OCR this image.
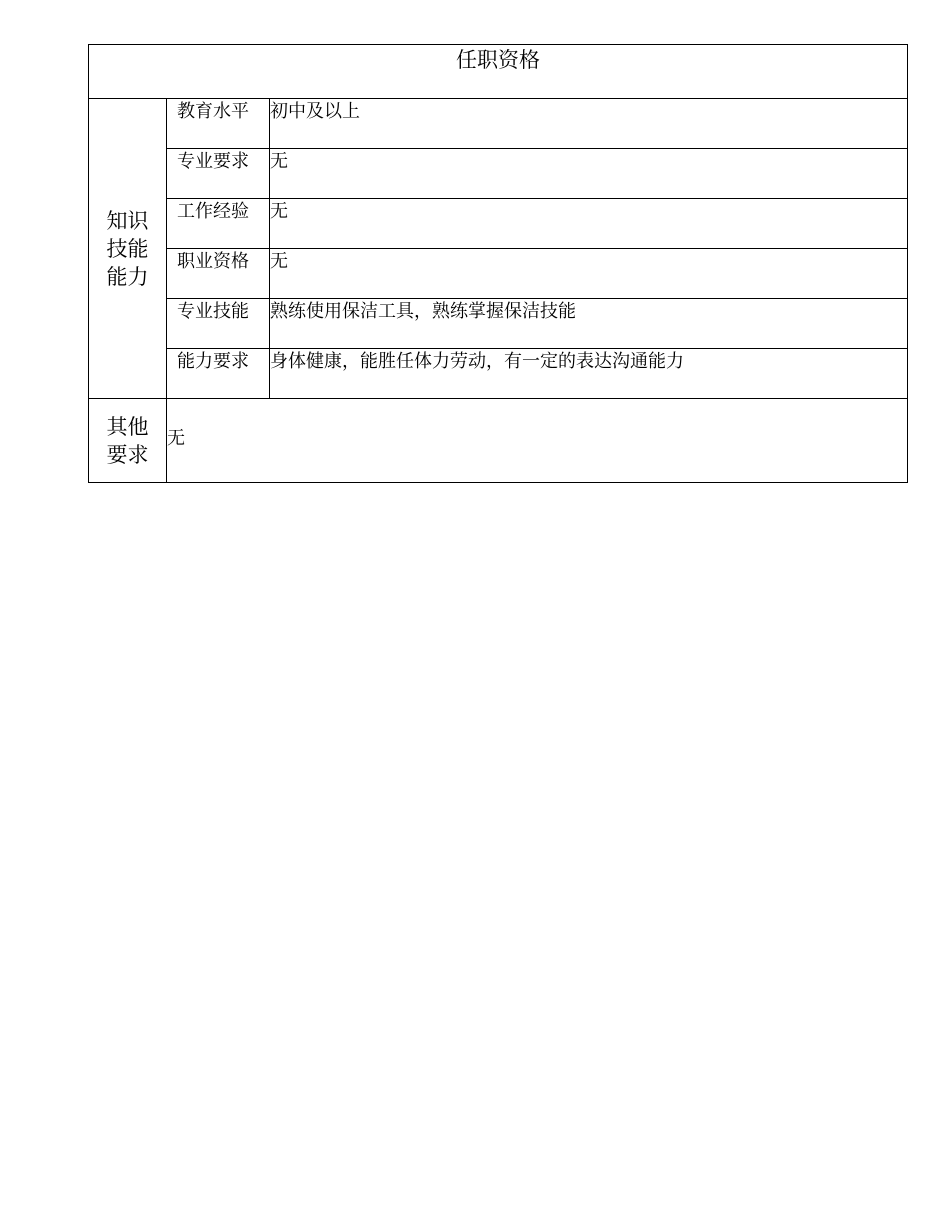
任职资格		

知识
技能
能力	教育水平	初中及以上
	专业要求	无
	工作经验	无
	职业资格	无
	专业技能	熟练使用保洁工具，熟练掌握保洁技能
	能力要求	身体健康，能胜任体力劳动，有一定的表达沟通能力

其他
要求	无	
